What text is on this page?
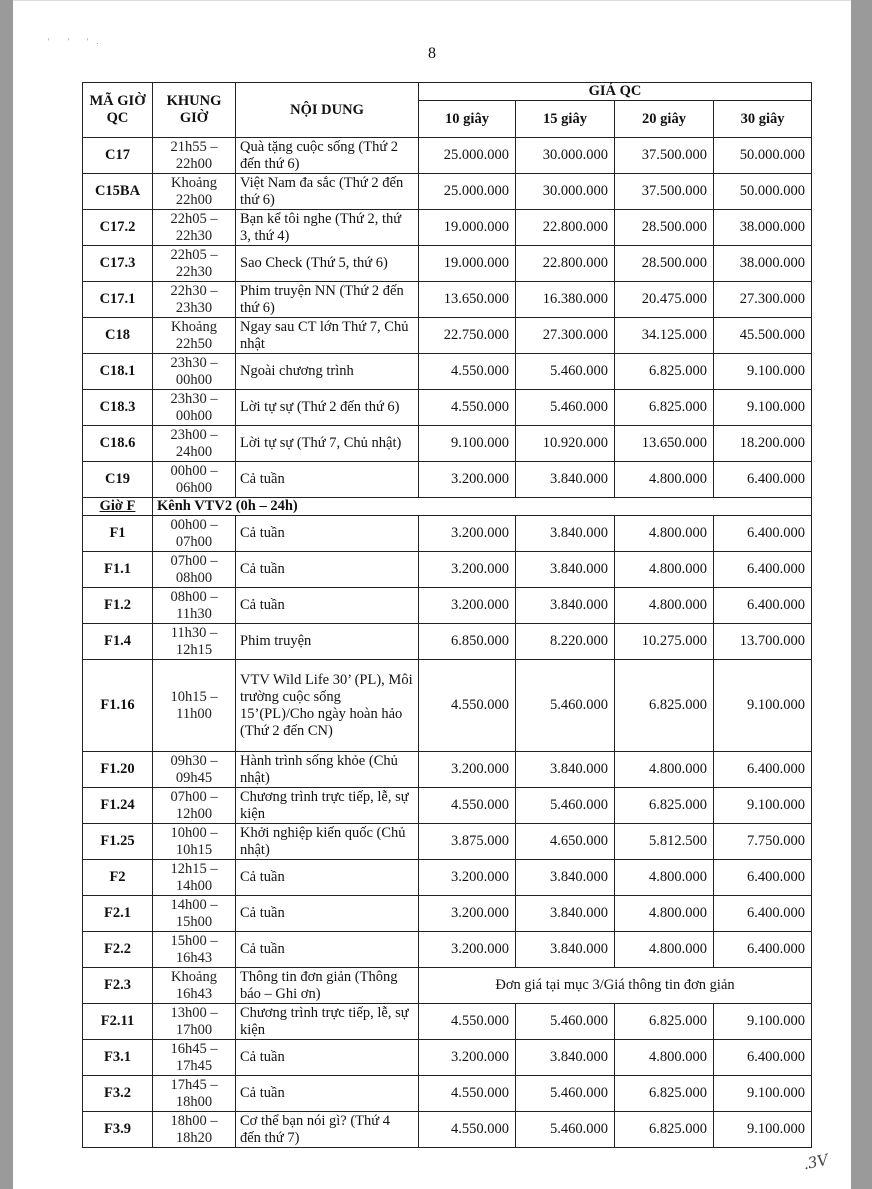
' ' '.
8
MÃ GIỜ QC	KHUNG GIỜ	NỘI DUNG	GIÁ QC			
			10 giây	15 giây	20 giây	30 giây
C17	21h55 – 22h00	Quà tặng cuộc sống (Thứ 2 đến thứ 6)	25.000.000	30.000.000	37.500.000	50.000.000
C15BA	Khoảng 22h00	Việt Nam đa sắc (Thứ 2 đến thứ 6)	25.000.000	30.000.000	37.500.000	50.000.000
C17.2	22h05 – 22h30	Bạn kể tôi nghe (Thứ 2, thứ 3, thứ 4)	19.000.000	22.800.000	28.500.000	38.000.000
C17.3	22h05 – 22h30	Sao Check (Thứ 5, thứ 6)	19.000.000	22.800.000	28.500.000	38.000.000
C17.1	22h30 – 23h30	Phim truyện NN (Thứ 2 đến thứ 6)	13.650.000	16.380.000	20.475.000	27.300.000
C18	Khoảng 22h50	Ngay sau CT lớn Thứ 7, Chủ nhật	22.750.000	27.300.000	34.125.000	45.500.000
C18.1	23h30 – 00h00	Ngoài chương trình	4.550.000	5.460.000	6.825.000	9.100.000
C18.3	23h30 – 00h00	Lời tự sự (Thứ 2 đến thứ 6)	4.550.000	5.460.000	6.825.000	9.100.000
C18.6	23h00 – 24h00	Lời tự sự (Thứ 7, Chủ nhật)	9.100.000	10.920.000	13.650.000	18.200.000
C19	00h00 – 06h00	Cả tuần	3.200.000	3.840.000	4.800.000	6.400.000
Giờ F	Kênh VTV2 (0h – 24h)					
F1	00h00 – 07h00	Cả tuần	3.200.000	3.840.000	4.800.000	6.400.000
F1.1	07h00 – 08h00	Cả tuần	3.200.000	3.840.000	4.800.000	6.400.000
F1.2	08h00 – 11h30	Cả tuần	3.200.000	3.840.000	4.800.000	6.400.000
F1.4	11h30 – 12h15	Phim truyện	6.850.000	8.220.000	10.275.000	13.700.000
F1.16	10h15 – 11h00	VTV Wild Life 30’ (PL), Môi trường cuộc sống 15’(PL)/Cho ngày hoàn hảo (Thứ 2 đến CN)	4.550.000	5.460.000	6.825.000	9.100.000
F1.20	09h30 – 09h45	Hành trình sống khỏe (Chủ nhật)	3.200.000	3.840.000	4.800.000	6.400.000
F1.24	07h00 – 12h00	Chương trình trực tiếp, lễ, sự kiện	4.550.000	5.460.000	6.825.000	9.100.000
F1.25	10h00 – 10h15	Khởi nghiệp kiến quốc (Chủ nhật)	3.875.000	4.650.000	5.812.500	7.750.000
F2	12h15 – 14h00	Cả tuần	3.200.000	3.840.000	4.800.000	6.400.000
F2.1	14h00 – 15h00	Cả tuần	3.200.000	3.840.000	4.800.000	6.400.000
F2.2	15h00 – 16h43	Cả tuần	3.200.000	3.840.000	4.800.000	6.400.000
F2.3	Khoảng 16h43	Thông tin đơn giản (Thông báo – Ghi ơn)	Đơn giá tại mục 3/Giá thông tin đơn giản			
F2.11	13h00 – 17h00	Chương trình trực tiếp, lễ, sự kiện	4.550.000	5.460.000	6.825.000	9.100.000
F3.1	16h45 – 17h45	Cả tuần	3.200.000	3.840.000	4.800.000	6.400.000
F3.2	17h45 – 18h00	Cả tuần	4.550.000	5.460.000	6.825.000	9.100.000
F3.9	18h00 – 18h20	Cơ thể bạn nói gì? (Thứ 4 đến thứ 7)	4.550.000	5.460.000	6.825.000	9.100.000
.3V
